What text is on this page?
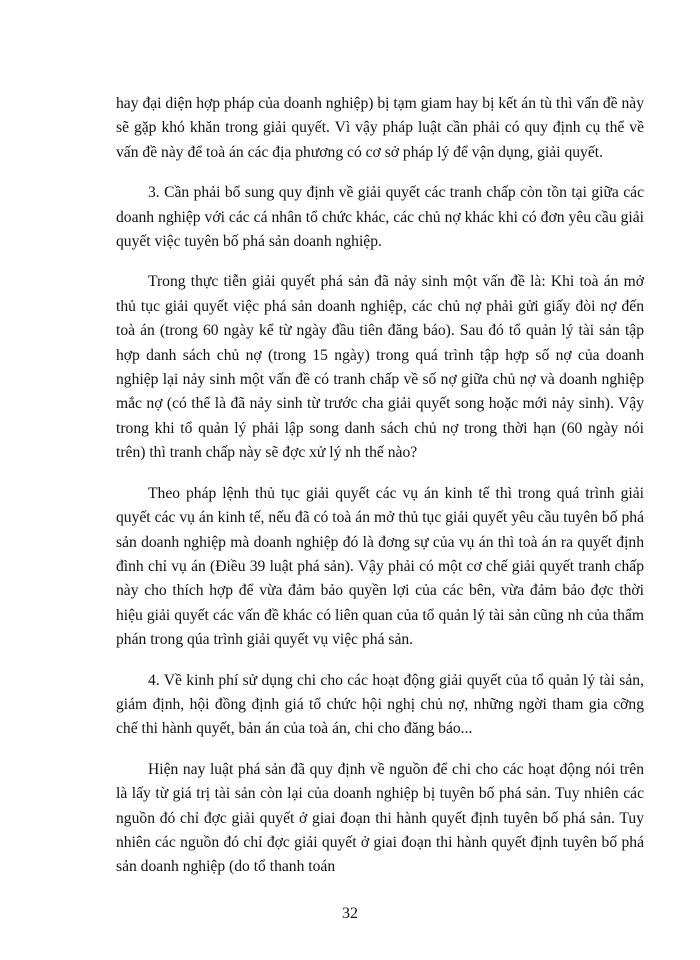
hay đại diện hợp pháp của doanh nghiệp) bị tạm giam hay bị kết án tù thì vấn đề này sẽ gặp khó khăn trong giải quyết. Vì vậy pháp luật cần phải có quy định cụ thể về vấn đề này để toà án các địa phương có cơ sở pháp lý để vận dụng, giải quyết.

3. Cần phải bổ sung quy định về giải quyết các tranh chấp còn tồn tại giữa các doanh nghiệp với các cá nhân tổ chức khác, các chủ nợ khác khi có đơn yêu cầu giải quyết việc tuyên bố phá sản doanh nghiệp.

Trong thực tiễn giải quyết phá sản đã nảy sinh một vấn đề là: Khi toà án mở thủ tục giải quyết việc phá sản doanh nghiệp, các chủ nợ phải gửi giấy đòi nợ đến toà án (trong 60 ngày kể từ ngày đầu tiên đăng báo). Sau đó tổ quản lý tài sản tập hợp danh sách chủ nợ (trong 15 ngày) trong quá trình tập hợp số nợ của doanh nghiệp lại nảy sinh một vấn đề có tranh chấp về số nợ giữa chủ nợ và doanh nghiệp mắc nợ (có thể là đã nảy sinh từ trước cha giải quyết song hoặc mới nảy sinh). Vậy trong khi tổ quản lý phải lập song danh sách chủ nợ trong thời hạn (60 ngày nói trên) thì tranh chấp này sẽ đợc xử lý nh thế nào?

Theo pháp lệnh thủ tục giải quyết các vụ án kinh tế thì trong quá trình giải quyết các vụ án kinh tế, nếu đã có toà án mở thủ tục giải quyết yêu cầu tuyên bố phá sản doanh nghiệp mà doanh nghiệp đó là đơng sự của vụ án thì toà án ra quyết định đình chỉ vụ án (Điều 39 luật phá sản). Vậy phải có một cơ chế giải quyết tranh chấp này cho thích hợp để vừa đảm bảo quyền lợi của các bên, vừa đảm bảo đợc thời hiệu giải quyết các vấn đề khác có liên quan của tổ quản lý tài sản cũng nh của thẩm phán trong qúa trình giải quyết vụ việc phá sản.

4. Về kinh phí sử dụng chi cho các hoạt động giải quyết của tổ quản lý tài sản, giám định, hội đồng định giá tổ chức hội nghị chủ nợ, những ngời tham gia cỡng chế thi hành quyết, bản án của toà án, chi cho đăng báo...

Hiện nay luật phá sản đã quy định về nguồn để chi cho các hoạt động nói trên là lấy từ giá trị tài sản còn lại của doanh nghiệp bị tuyên bố phá sản. Tuy nhiên các nguồn đó chỉ đợc giải quyết ở giai đoạn thi hành quyết định tuyên bố phá sản. Tuy nhiên các nguồn đó chỉ đợc giải quyết ở giai đoạn thi hành quyết định tuyên bố phá sản doanh nghiệp (do tổ thanh toán

32
